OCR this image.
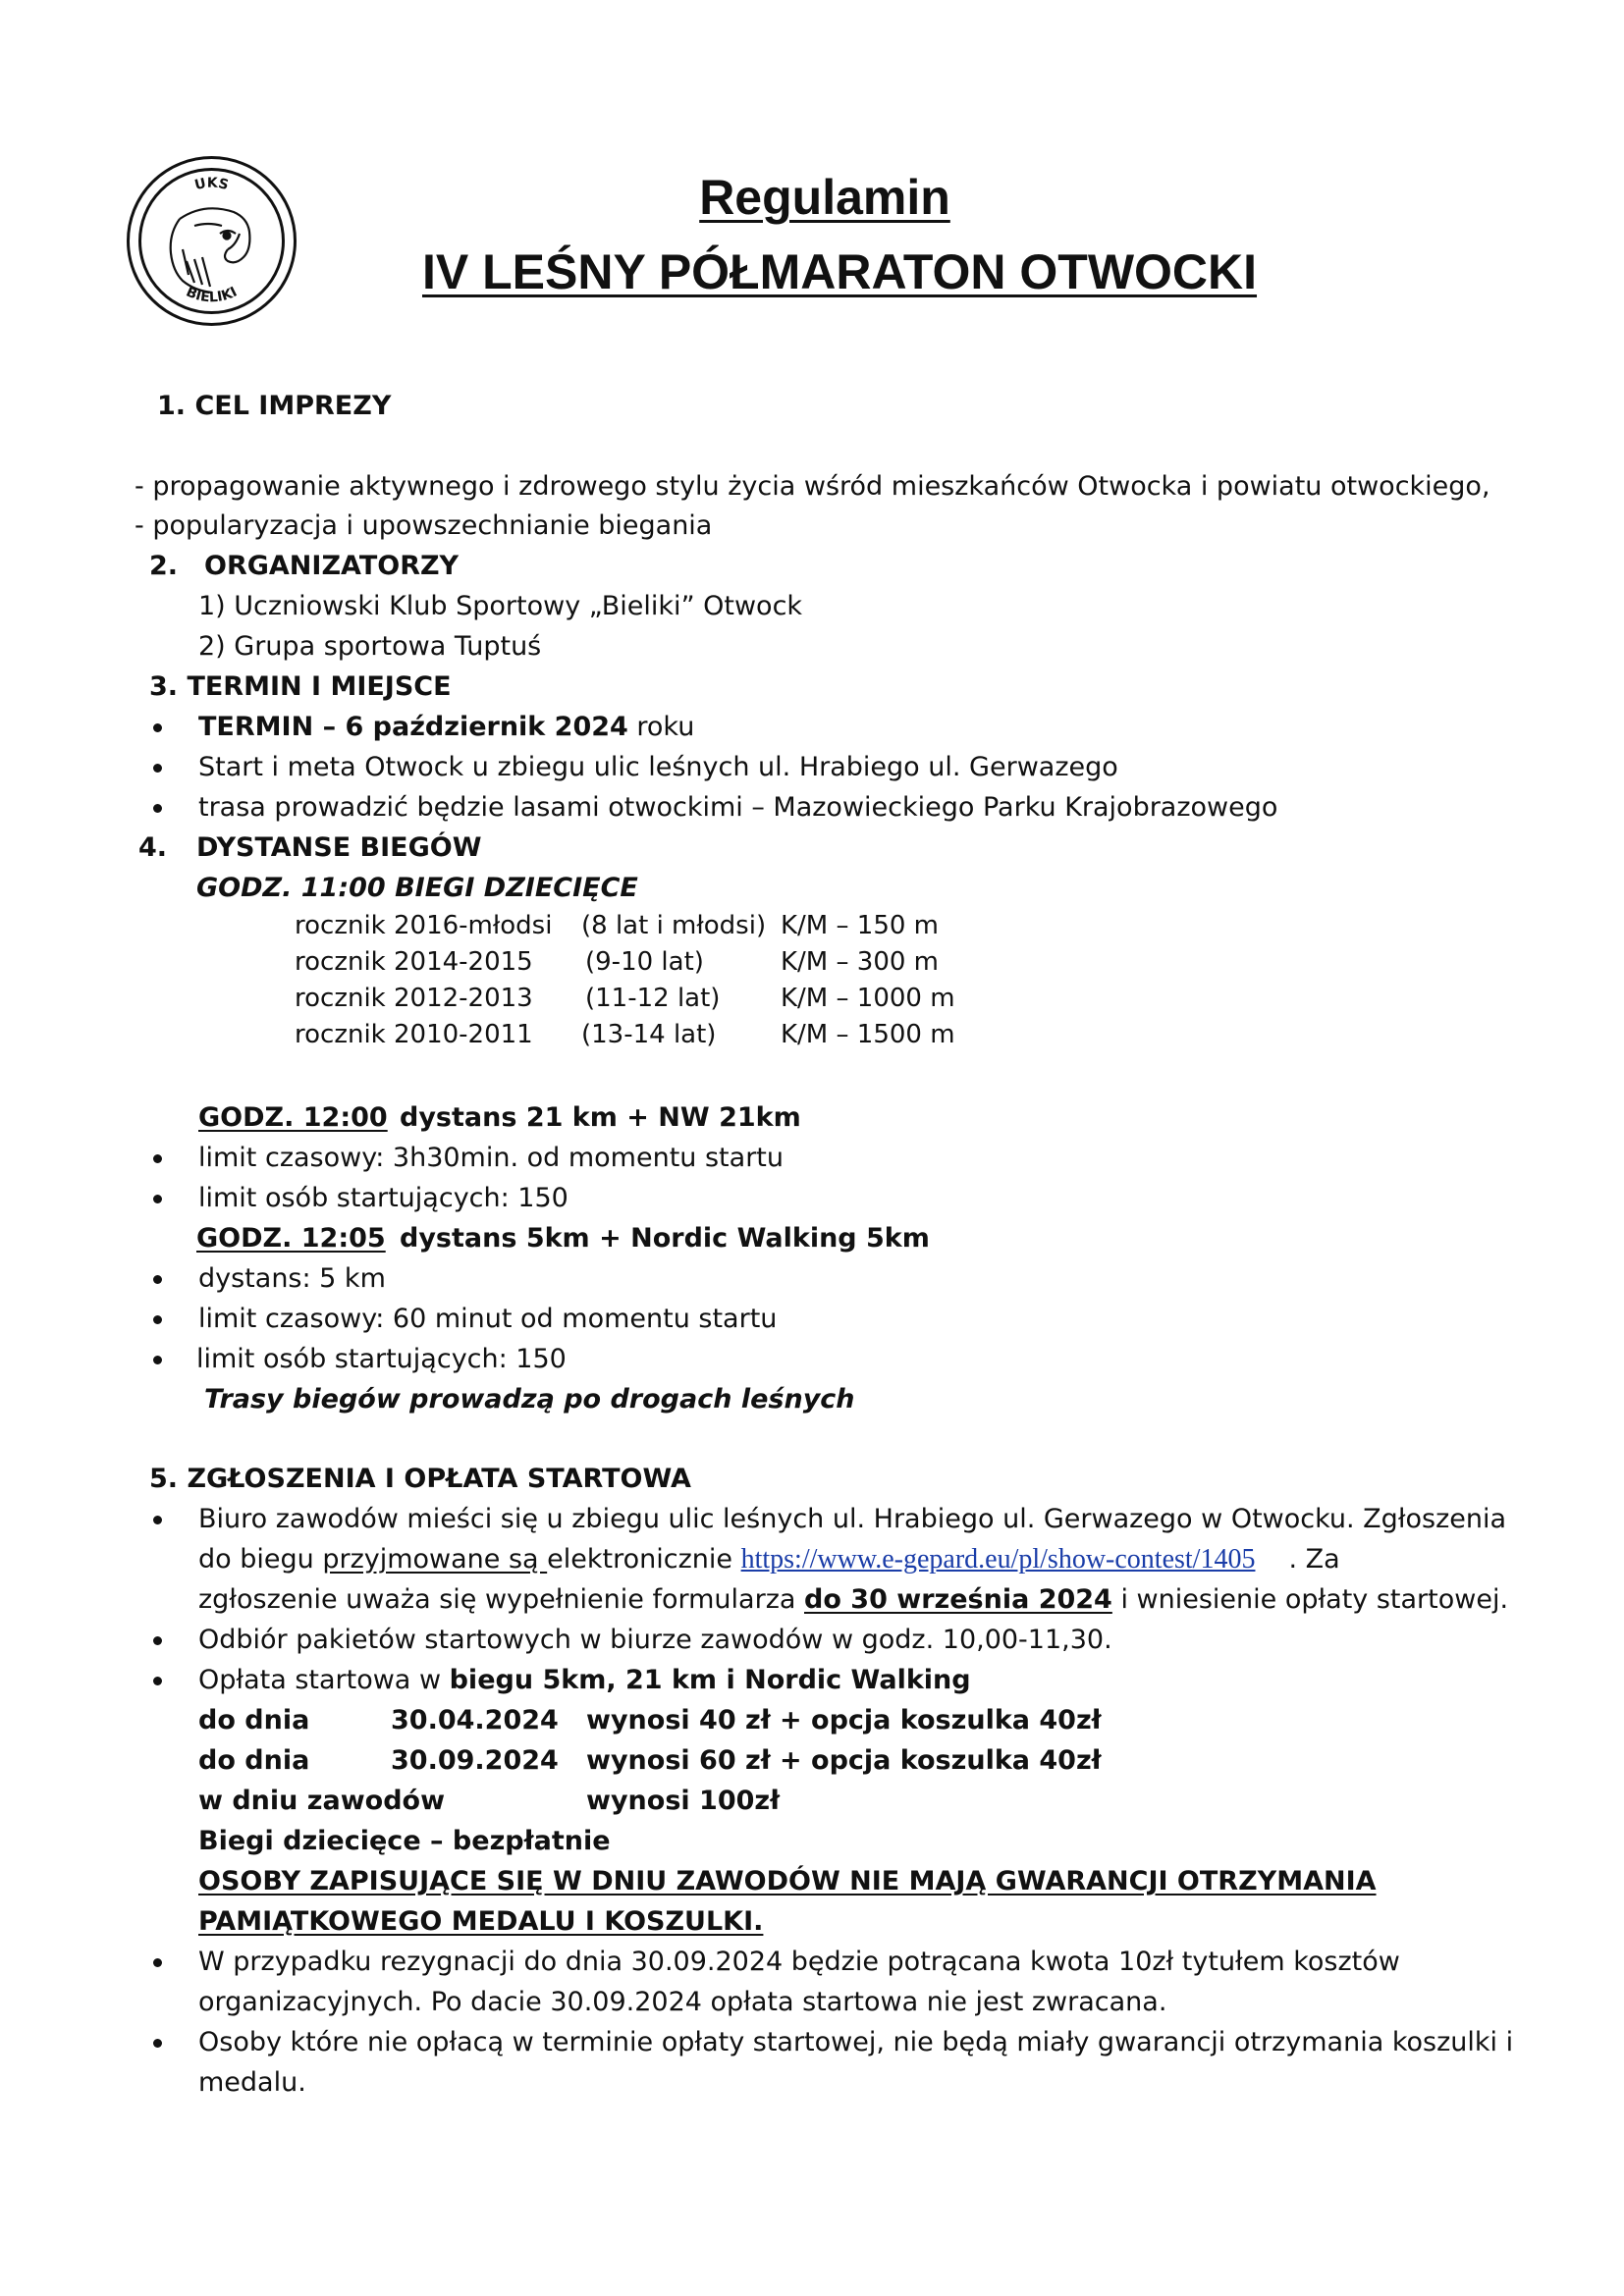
UKS
BIELIKI
Regulamin
IV LEŚNY PÓŁMARATON OTWOCKI
1. CEL IMPREZY
- propagowanie aktywnego i zdrowego stylu życia wśród mieszkańców Otwocka i powiatu otwockiego,
- popularyzacja i upowszechnianie biegania
2. ORGANIZATORZY
1) Uczniowski Klub Sportowy „Bieliki” Otwock
2) Grupa sportowa Tuptuś
3. TERMIN I MIEJSCE
TERMIN – 6 październik 2024 roku
Start i meta Otwock u zbiegu ulic leśnych ul. Hrabiego ul. Gerwazego
trasa prowadzić będzie lasami otwockimi – Mazowieckiego Parku Krajobrazowego
4. DYSTANSE BIEGÓW
GODZ. 11:00 BIEGI DZIECIĘCE
rocznik 2016-młodsi (8 lat i młodsi) K/M – 150 m
rocznik 2014-2015 (9-10 lat)	K/M – 300 m
rocznik 2012-2013 (11-12 lat) K/M – 1000 m
rocznik 2010-2011 (13-14 lat)	K/M – 1500 m
GODZ. 12:00 dystans 21 km + NW 21km
limit czasowy: 3h30min. od momentu startu
limit osób startujących: 150
GODZ. 12:05 dystans 5km + Nordic Walking 5km
dystans: 5 km
limit czasowy: 60 minut od momentu startu
limit osób startujących: 150
Trasy biegów prowadzą po drogach leśnych
5. ZGŁOSZENIA I OPŁATA STARTOWA
Biuro zawodów mieści się u zbiegu ulic leśnych ul. Hrabiego ul. Gerwazego w Otwocku. Zgłoszenia
do biegu przyjmowane są elektronicznie https://www.e-gepard.eu/pl/show-contest/1405 . Za
zgłoszenie uważa się wypełnienie formularza do 30 września 2024 i wniesienie opłaty startowej.
Odbiór pakietów startowych w biurze zawodów w godz. 10,00-11,30.
Opłata startowa w biegu 5km, 21 km i Nordic Walking
do dnia	30.04.2024 wynosi 40 zł + opcja koszulka 40zł
do dnia	30.09.2024 wynosi 60 zł + opcja koszulka 40zł
w dniu zawodów	wynosi 100zł
Biegi dziecięce – bezpłatnie
OSOBY ZAPISUJĄCE SIĘ W DNIU ZAWODÓW NIE MAJĄ GWARANCJI OTRZYMANIA
PAMIĄTKOWEGO MEDALU I KOSZULKI.
W przypadku rezygnacji do dnia 30.09.2024 będzie potrącana kwota 10zł tytułem kosztów
organizacyjnych. Po dacie 30.09.2024 opłata startowa nie jest zwracana.
Osoby które nie opłacą w terminie opłaty startowej, nie będą miały gwarancji otrzymania koszulki i
medalu.
